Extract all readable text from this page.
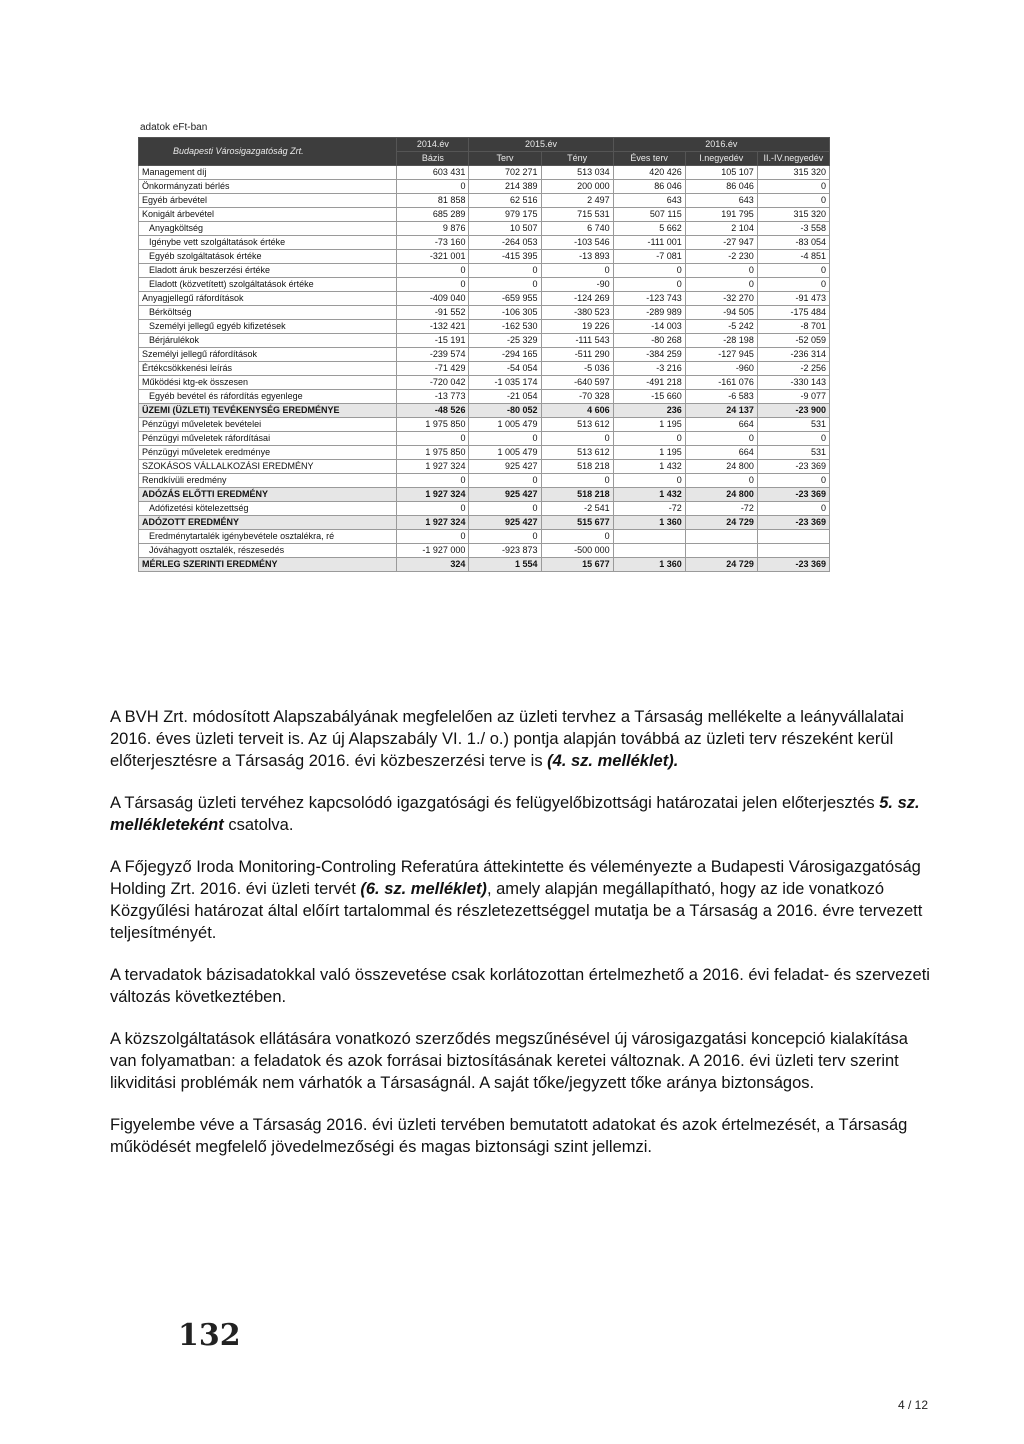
adatok eFt-ban
Budapesti Városigazgatóság Zrt.	2014.év	2015.év		2016.év		
	Bázis	Terv	Tény	Éves terv	I.negyedév	II.-IV.negyedév
Management díj	603 431	702 271	513 034	420 426	105 107	315 320
Önkormányzati bérlés	0	214 389	200 000	86 046	86 046	0
Egyéb árbevétel	81 858	62 516	2 497	643	643	0
Konigált árbevétel	685 289	979 175	715 531	507 115	191 795	315 320
Anyagköltség	9 876	10 507	6 740	5 662	2 104	-3 558
Igénybe vett szolgáltatások értéke	-73 160	-264 053	-103 546	-111 001	-27 947	-83 054
Egyéb szolgáltatások értéke	-321 001	-415 395	-13 893	-7 081	-2 230	-4 851
Eladott áruk beszerzési értéke	0	0	0	0	0	0
Eladott (közvetített) szolgáltatások értéke	0	0	-90	0	0	0
Anyagjellegű ráfordítások	-409 040	-659 955	-124 269	-123 743	-32 270	-91 473
Bérköltség	-91 552	-106 305	-380 523	-289 989	-94 505	-175 484
Személyi jellegű egyéb kifizetések	-132 421	-162 530	19 226	-14 003	-5 242	-8 701
Bérjárulékok	-15 191	-25 329	-111 543	-80 268	-28 198	-52 059
Személyi jellegű ráfordítások	-239 574	-294 165	-511 290	-384 259	-127 945	-236 314
Értékcsökkenési leírás	-71 429	-54 054	-5 036	-3 216	-960	-2 256
Működési ktg-ek összesen	-720 042	-1 035 174	-640 597	-491 218	-161 076	-330 143
Egyéb bevétel és ráfordítás egyenlege	-13 773	-21 054	-70 328	-15 660	-6 583	-9 077
ÜZEMI (ÜZLETI) TEVÉKENYSÉG EREDMÉNYE	-48 526	-80 052	4 606	236	24 137	-23 900
Pénzügyi műveletek bevételei	1 975 850	1 005 479	513 612	1 195	664	531
Pénzügyi műveletek ráfordításai	0	0	0	0	0	0
Pénzügyi műveletek eredménye	1 975 850	1 005 479	513 612	1 195	664	531
SZOKÁSOS VÁLLALKOZÁSI EREDMÉNY	1 927 324	925 427	518 218	1 432	24 800	-23 369
Rendkívüli eredmény	0	0	0	0	0	0
ADÓZÁS ELŐTTI EREDMÉNY	1 927 324	925 427	518 218	1 432	24 800	-23 369
Adófizetési kötelezettség	0	0	-2 541	-72	-72	0
ADÓZOTT EREDMÉNY	1 927 324	925 427	515 677	1 360	24 729	-23 369
Eredménytartalék igénybevétele osztalékra, ré	0	0	0			
Jóváhagyott osztalék, részesedés	-1 927 000	-923 873	-500 000			
MÉRLEG SZERINTI EREDMÉNY	324	1 554	15 677	1 360	24 729	-23 369

A BVH Zrt. módosított Alapszabályának megfelelően az üzleti tervhez a Társaság mellékelte a leányvállalatai 2016. éves üzleti terveit is. Az új Alapszabály VI. 1./ o.) pontja alapján továbbá az üzleti terv részeként kerül előterjesztésre a Társaság 2016. évi közbeszerzési terve is (4. sz. melléklet).

A Társaság üzleti tervéhez kapcsolódó igazgatósági és felügyelőbizottsági határozatai jelen előterjesztés 5. sz. mellékleteként csatolva.

A Főjegyző Iroda Monitoring-Controling Referatúra áttekintette és véleményezte a Budapesti Városigazgatóság Holding Zrt. 2016. évi üzleti tervét (6. sz. melléklet), amely alapján megállapítható, hogy az ide vonatkozó Közgyűlési határozat által előírt tartalommal és részletezettséggel mutatja be a Társaság a 2016. évre tervezett teljesítményét.

A tervadatok bázisadatokkal való összevetése csak korlátozottan értelmezhető a 2016. évi feladat- és szervezeti változás következtében.

A közszolgáltatások ellátására vonatkozó szerződés megszűnésével új városigazgatási koncepció kialakítása van folyamatban: a feladatok és azok forrásai biztosításának keretei változnak. A 2016. évi üzleti terv szerint likviditási problémák nem várhatók a Társaságnál. A saját tőke/jegyzett tőke aránya biztonságos.

Figyelembe véve a Társaság 2016. évi üzleti tervében bemutatott adatokat és azok értelmezését, a Társaság működését megfelelő jövedelmezőségi és magas biztonsági szint jellemzi.

132
4 / 12
